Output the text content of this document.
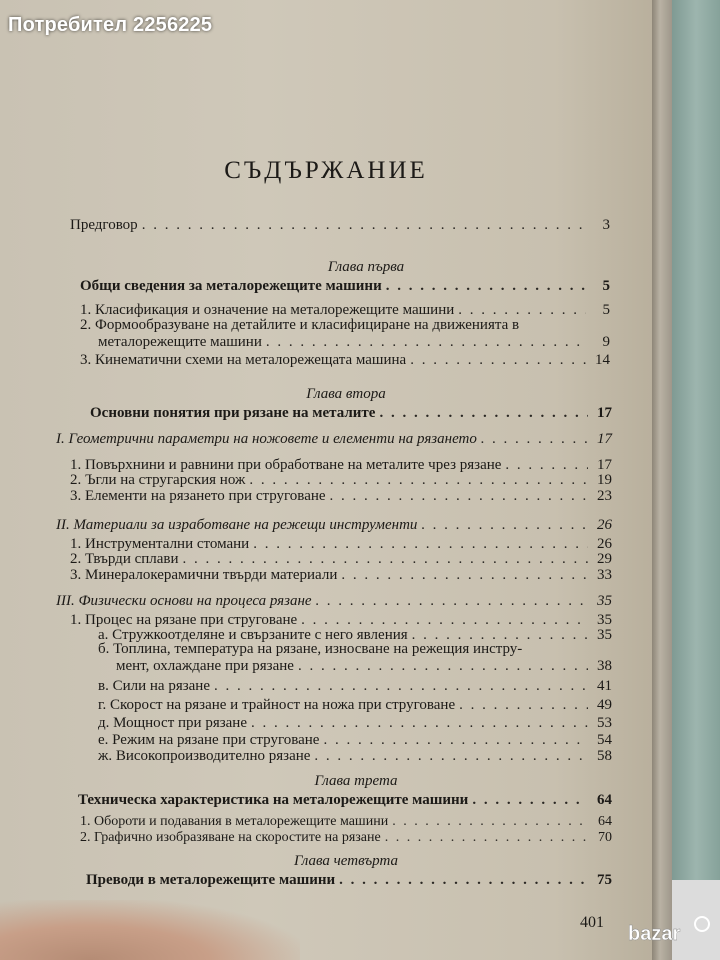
Потребител 2256225
СЪДЪРЖАНИЕ
Предговор . . .	3
Глава първа
Общи сведения за металорежещите машини . . .	5
1. Класификация и означение на металорежещите машини . . .	5
2. Формообразуване на детайлите и класифициране на движенията в
металорежещите машини . . .	9
3. Кинематични схеми на металорежещата машина . . .	14
Глава втора
Основни понятия при рязане на металите . . .	17
I. Геометрични параметри на ножовете и елементи на рязането . . .	17
1. Повърхнини и равнини при обработване на металите чрез рязане . . .	17
2. Ъгли на стругарския нож . . .	19
3. Елементи на рязането при струговане . . .	23
II. Материали за изработване на режещи инструменти . . .	26
1. Инструментални стомани . . .	26
2. Твърди сплави . . .	29
3. Минералокерамични твърди материали . . .	33
III. Физически основи на процеса рязане . . .	35
1. Процес на рязане при струговане . . .	35
а. Стружкоотделяне и свързаните с него явления . . .	35
б. Топлина, температура на рязане, износване на режещия инстру-
мент, охлаждане при рязане . . .	38
в. Сили на рязане . . .	41
г. Скорост на рязане и трайност на ножа при струговане . . .	49
д. Мощност при рязане . . .	53
е. Режим на рязане при струговане . . .	54
ж. Високопроизводително рязане . . .	58
Глава трета
Техническа характеристика на металорежещите машини . . .	64
1. Обороти и подавания в металорежещите машини . . .	64
2. Графично изобразяване на скоростите на рязане . . .	70
Глава четвърта
Преводи в металорежещите машини . . .	75
401
bazar
